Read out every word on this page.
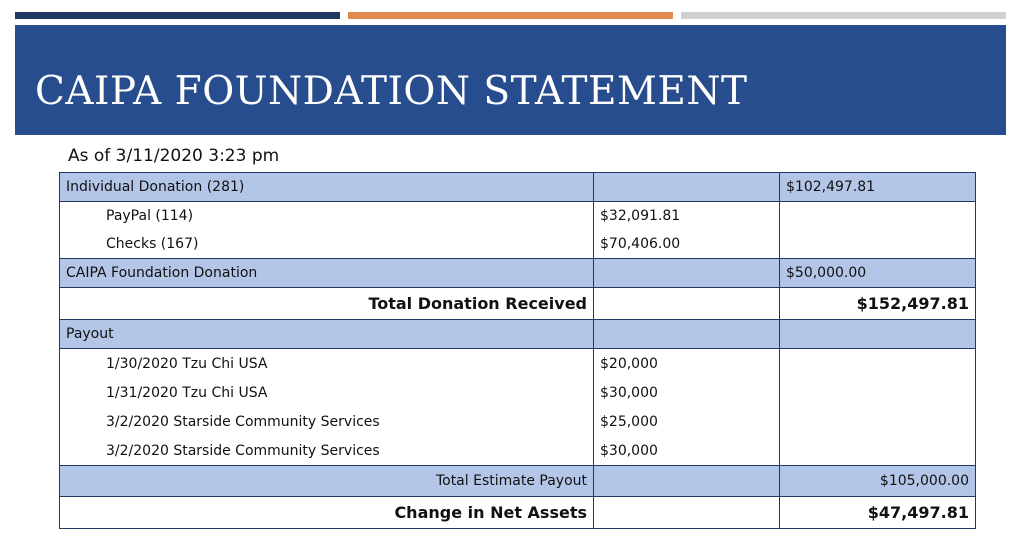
CAIPA FOUNDATION STATEMENT
As of 3/11/2020 3:23 pm
Individual Donation (281)		$102,497.81
PayPal (114)	$32,091.81	
Checks (167)	$70,406.00	
CAIPA Foundation Donation		$50,000.00
Total Donation Received		$152,497.81
Payout		
1/30/2020 Tzu Chi USA	$20,000	
1/31/2020 Tzu Chi USA	$30,000	
3/2/2020 Starside Community Services	$25,000	
3/2/2020 Starside Community Services	$30,000	
Total Estimate Payout		$105,000.00
Change in Net Assets		$47,497.81
